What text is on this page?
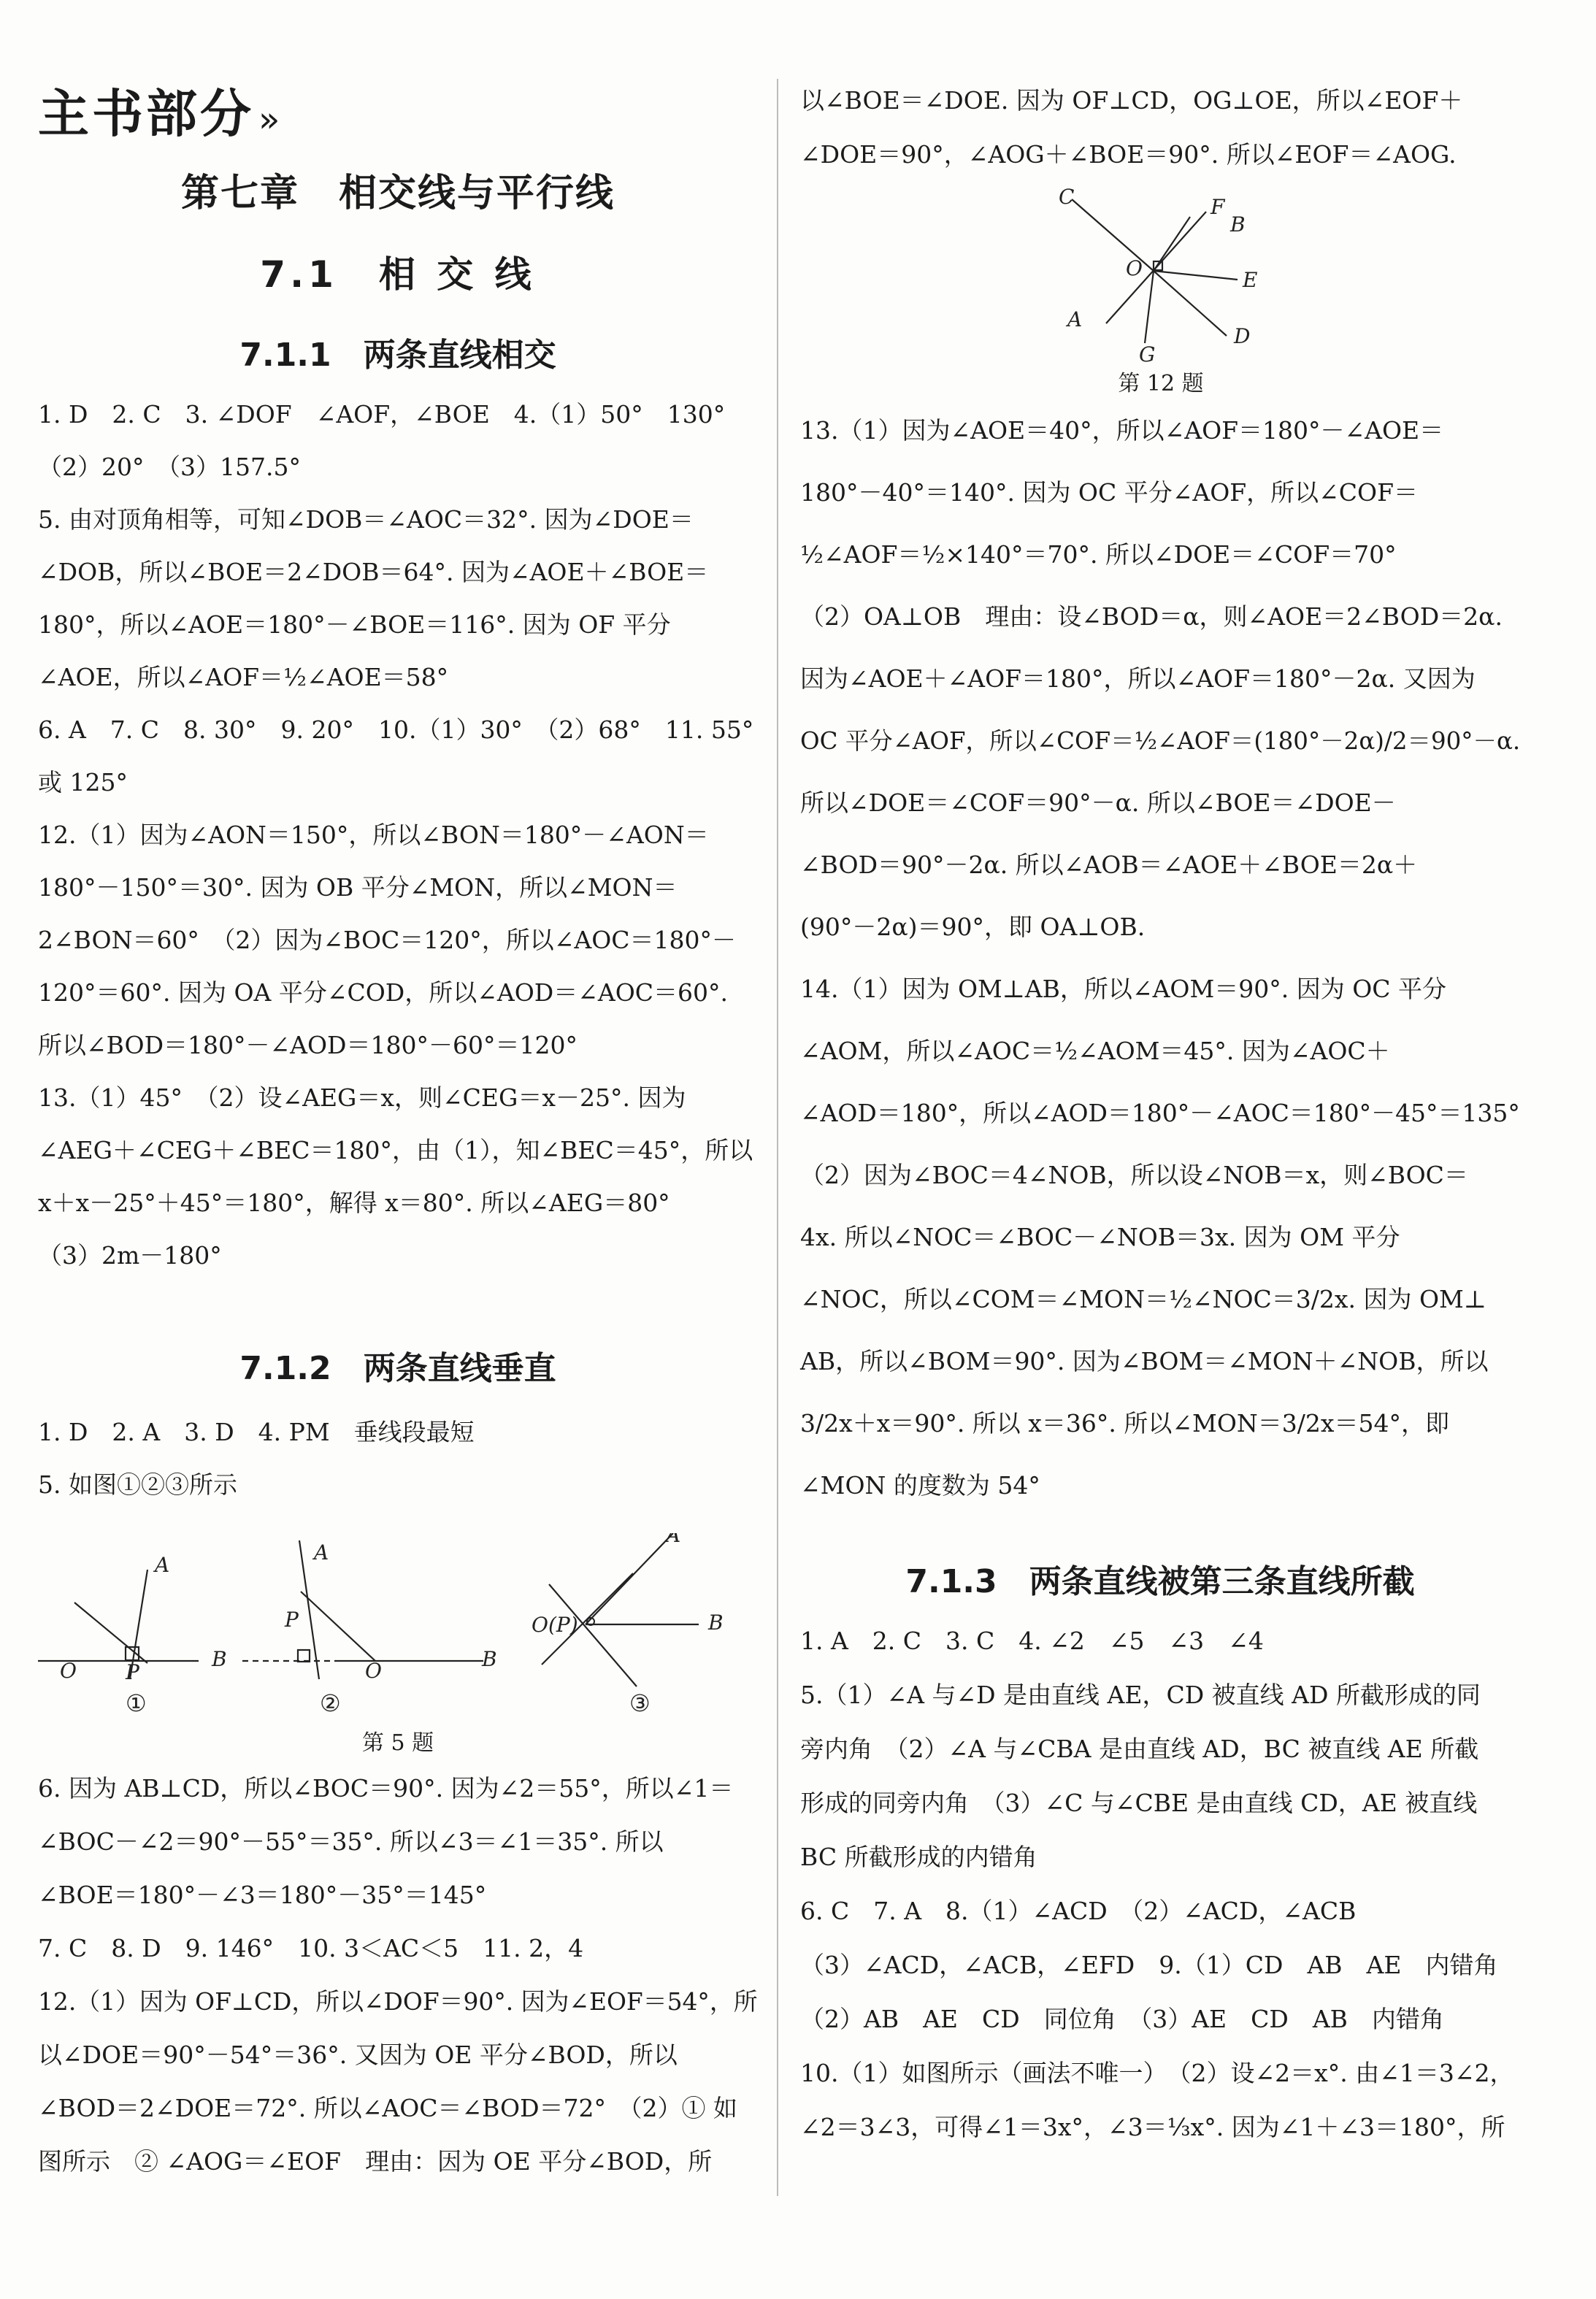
主书部分 »
第七章　相交线与平行线
7.1　相 交 线
7.1.1　两条直线相交
1. D　2. C　3. ∠DOF　∠AOF，∠BOE　4.（1）50°　130°
（2）20°　（3）157.5°
5. 由对顶角相等，可知∠DOB＝∠AOC＝32°. 因为∠DOE＝
∠DOB，所以∠BOE＝2∠DOB＝64°. 因为∠AOE＋∠BOE＝
180°，所以∠AOE＝180°－∠BOE＝116°. 因为 OF 平分
∠AOE，所以∠AOF＝½∠AOE＝58°
6. A　7. C　8. 30°　9. 20°　10.（1）30°　（2）68°　11. 55°
或 125°
12.（1）因为∠AON＝150°，所以∠BON＝180°－∠AON＝
180°－150°＝30°. 因为 OB 平分∠MON，所以∠MON＝
2∠BON＝60°　（2）因为∠BOC＝120°，所以∠AOC＝180°－
120°＝60°. 因为 OA 平分∠COD，所以∠AOD＝∠AOC＝60°.
所以∠BOD＝180°－∠AOD＝180°－60°＝120°
13.（1）45°　（2）设∠AEG＝x，则∠CEG＝x－25°. 因为
∠AEG＋∠CEG＋∠BEC＝180°，由（1），知∠BEC＝45°，所以
x＋x－25°＋45°＝180°，解得 x＝80°. 所以∠AEG＝80°
（3）2m－180°
7.1.2　两条直线垂直
1. D　2. A　3. D　4. PM　垂线段最短
5. 如图①②③所示
A
B
O P
A
P
O	B
A
B
O(P)
①	②	③
第 5 题
6. 因为 AB⊥CD，所以∠BOC＝90°. 因为∠2＝55°，所以∠1＝
∠BOC－∠2＝90°－55°＝35°. 所以∠3＝∠1＝35°. 所以
∠BOE＝180°－∠3＝180°－35°＝145°
7. C　8. D　9. 146°　10. 3＜AC＜5　11. 2，4
12.（1）因为 OF⊥CD，所以∠DOF＝90°. 因为∠EOF＝54°，所
以∠DOE＝90°－54°＝36°. 又因为 OE 平分∠BOD，所以
∠BOD＝2∠DOE＝72°. 所以∠AOC＝∠BOD＝72°　（2）① 如
图所示　② ∠AOG＝∠EOF　理由：因为 OE 平分∠BOD，所
以∠BOE＝∠DOE. 因为 OF⊥CD，OG⊥OE，所以∠EOF＋
∠DOE＝90°，∠AOG＋∠BOE＝90°. 所以∠EOF＝∠AOG.
C	F
B
O	E
A
G
D
第 12 题
13.（1）因为∠AOE＝40°，所以∠AOF＝180°－∠AOE＝
180°－40°＝140°. 因为 OC 平分∠AOF，所以∠COF＝
½∠AOF＝½×140°＝70°. 所以∠DOE＝∠COF＝70°
（2）OA⊥OB　理由：设∠BOD＝α，则∠AOE＝2∠BOD＝2α.
因为∠AOE＋∠AOF＝180°，所以∠AOF＝180°－2α. 又因为
OC 平分∠AOF，所以∠COF＝½∠AOF＝(180°－2α)/2＝90°－α.
所以∠DOE＝∠COF＝90°－α. 所以∠BOE＝∠DOE－
∠BOD＝90°－2α. 所以∠AOB＝∠AOE＋∠BOE＝2α＋
(90°－2α)＝90°，即 OA⊥OB.
14.（1）因为 OM⊥AB，所以∠AOM＝90°. 因为 OC 平分
∠AOM，所以∠AOC＝½∠AOM＝45°. 因为∠AOC＋
∠AOD＝180°，所以∠AOD＝180°－∠AOC＝180°－45°＝135°
（2）因为∠BOC＝4∠NOB，所以设∠NOB＝x，则∠BOC＝
4x. 所以∠NOC＝∠BOC－∠NOB＝3x. 因为 OM 平分
∠NOC，所以∠COM＝∠MON＝½∠NOC＝3/2x. 因为 OM⊥
AB，所以∠BOM＝90°. 因为∠BOM＝∠MON＋∠NOB，所以
3/2x＋x＝90°. 所以 x＝36°. 所以∠MON＝3/2x＝54°，即
∠MON 的度数为 54°
7.1.3　两条直线被第三条直线所截
1. A　2. C　3. C　4. ∠2　∠5　∠3　∠4
5.（1）∠A 与∠D 是由直线 AE，CD 被直线 AD 所截形成的同
旁内角　（2）∠A 与∠CBA 是由直线 AD，BC 被直线 AE 所截
形成的同旁内角　（3）∠C 与∠CBE 是由直线 CD，AE 被直线
BC 所截形成的内错角
6. C　7. A　8.（1）∠ACD　（2）∠ACD，∠ACB
（3）∠ACD，∠ACB，∠EFD　9.（1）CD　AB　AE　内错角
（2）AB　AE　CD　同位角　（3）AE　CD　AB　内错角
10.（1）如图所示（画法不唯一）　（2）设∠2＝x°. 由∠1＝3∠2，
∠2＝3∠3，可得∠1＝3x°，∠3＝⅓x°. 因为∠1＋∠3＝180°，所
